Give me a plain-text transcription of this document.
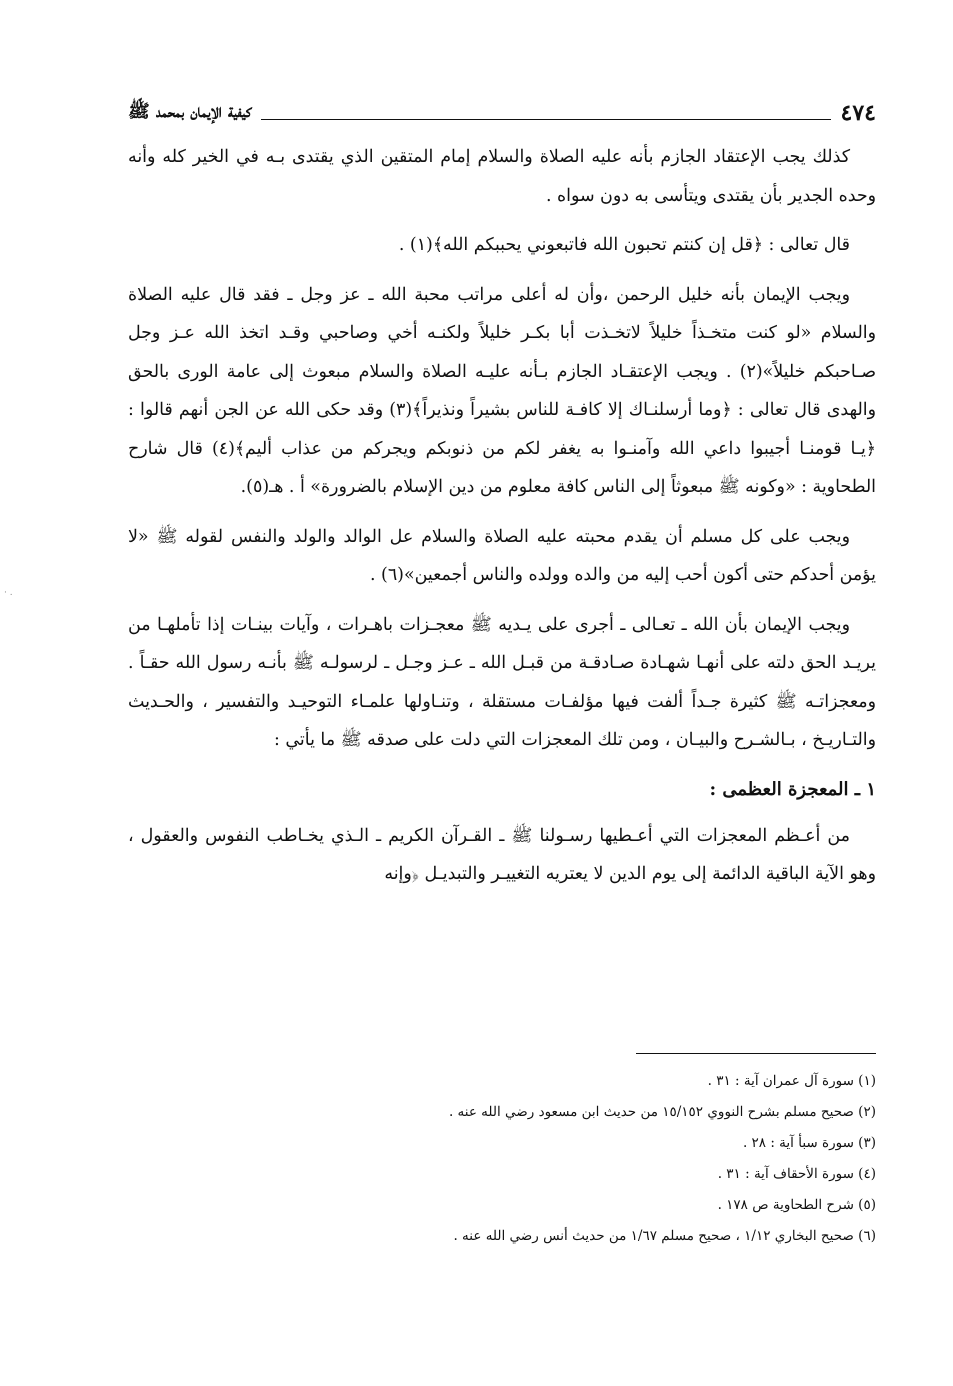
٤٧٤
كيفية الإيمان بمحمد ﷺ

كذلك يجب الإعتقاد الجازم بأنه عليه الصلاة والسلام إمام المتقين الذي يقتدى بـه في الخير كله وأنه وحده الجدير بأن يقتدى ويتأسى به دون سواه .

قال تعالى : ﴿قل إن كنتم تحبون الله فاتبعوني يحببكم الله﴾(١) .

ويجب الإيمان بأنه خليل الرحمن ،وأن له أعلى مراتب محبة الله ـ عز وجل ـ فقد قال عليه الصلاة والسلام «لو كنت متخـذاً خليلاً لاتخـذت أبا بكـر خليلاً ولكنـه أخي وصاحبي وقـد اتخذ الله عـز وجل صـاحبكم خليلاً»(٢) . ويجب الإعتقـاد الجازم بـأنه عليـه الصلاة والسلام مبعوث إلى عامة الورى بالحق والهدى قال تعالى : ﴿وما أرسلنـاك إلا كافـة للناس بشيراً ونذيراً﴾(٣) وقد حكى الله عن الجن أنهم قالوا : ﴿يـا قومنـا أجيبوا داعي الله وآمنـوا به يغفر لكم من ذنوبكم ويجركم من عذاب أليم﴾(٤) قال شارح الطحاوية : «وكونه ﷺ مبعوثاً إلى الناس كافة معلوم من دين الإسلام بالضرورة» أ . هـ(٥).

ويجب على كل مسلم أن يقدم محبته عليه الصلاة والسلام عل الوالد والولد والنفس لقوله ﷺ «لا يؤمن أحدكم حتى أكون أحب إليه من والده وولده والناس أجمعين»(٦) .

ويجب الإيمان بأن الله ـ تعـالى ـ أجرى على يـديه ﷺ معجـزات باهـرات ، وآيات بينـات إذا تأملهـا من يريـد الحق دلته على أنهـا شهـادة صـادقـة من قبـل الله ـ عـز وجـل ـ لرسولـه ﷺ بأنـه رسول الله حقـاً . ومعجزاتـه ﷺ كثيرة جـداً ألفت فيها مؤلفـات مستقلة ، وتنـاولها علمـاء التوحيـد والتفسير ، والحـديث والتـاريـخ ، بـالشـرح والبيـان ، ومن تلك المعجزات التي دلت على صدقه ﷺ ما يأتي :

١ ـ المعجزة العظمى :

من أعـظم المعجزات التي أعـطيها رسـولنا ﷺ ـ القـرآن الكريم ـ الـذي يخـاطب النفوس والعقول ، وهو الآية الباقية الدائمة إلى يوم الدين لا يعتريه التغييـر والتبديـل ﴿وإنه

(١) سورة آل عمران آية : ٣١ .
(٢) صحيح مسلم بشرح النووي ١٥/١٥٢ من حديث ابن مسعود رضي الله عنه .
(٣) سورة سبأ آية : ٢٨ .
(٤) سورة الأحقاف آية : ٣١ .
(٥) شرح الطحاوية ص ١٧٨ .
(٦) صحيح البخاري ١/١٢ ، صحيح مسلم ١/٦٧ من حديث أنس رضي الله عنه .
· .
